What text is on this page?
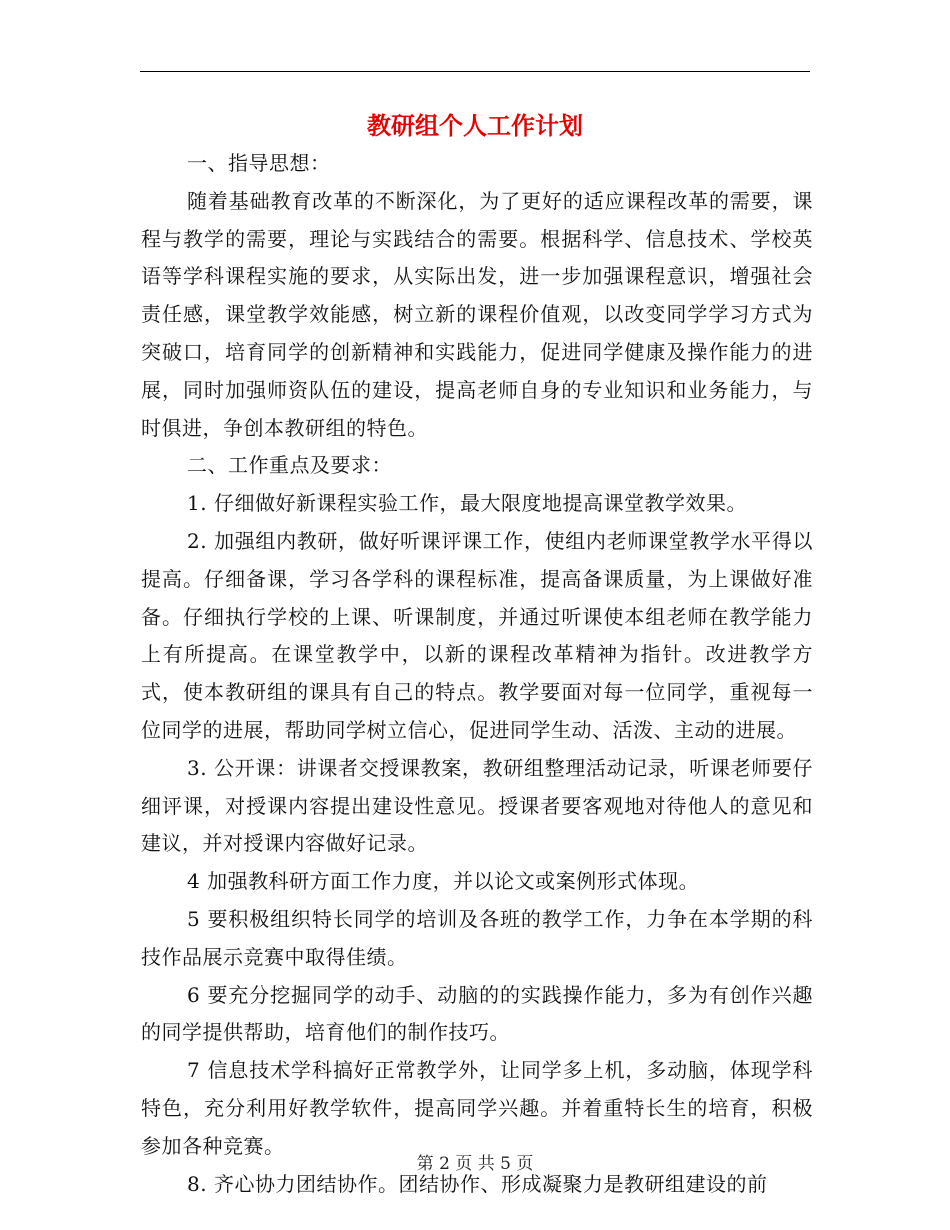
教研组个人工作计划

一、指导思想：

随着基础教育改革的不断深化，为了更好的适应课程改革的需要，课程与教学的需要，理论与实践结合的需要。根据科学、信息技术、学校英语等学科课程实施的要求，从实际出发，进一步加强课程意识，增强社会责任感，课堂教学效能感，树立新的课程价值观，以改变同学学习方式为突破口，培育同学的创新精神和实践能力，促进同学健康及操作能力的进展，同时加强师资队伍的建设，提高老师自身的专业知识和业务能力，与时俱进，争创本教研组的特色。

二、工作重点及要求：

1. 仔细做好新课程实验工作，最大限度地提高课堂教学效果。

2. 加强组内教研，做好听课评课工作，使组内老师课堂教学水平得以提高。仔细备课，学习各学科的课程标准，提高备课质量，为上课做好准备。仔细执行学校的上课、听课制度，并通过听课使本组老师在教学能力上有所提高。在课堂教学中，以新的课程改革精神为指针。改进教学方式，使本教研组的课具有自己的特点。教学要面对每一位同学，重视每一位同学的进展，帮助同学树立信心，促进同学生动、活泼、主动的进展。

3. 公开课：讲课者交授课教案，教研组整理活动记录，听课老师要仔细评课，对授课内容提出建设性意见。授课者要客观地对待他人的意见和建议，并对授课内容做好记录。

4 加强教科研方面工作力度，并以论文或案例形式体现。

5 要积极组织特长同学的培训及各班的教学工作，力争在本学期的科技作品展示竞赛中取得佳绩。

6 要充分挖掘同学的动手、动脑的的实践操作能力，多为有创作兴趣的同学提供帮助，培育他们的制作技巧。

7 信息技术学科搞好正常教学外，让同学多上机，多动脑，体现学科特色，充分利用好教学软件，提高同学兴趣。并着重特长生的培育，积极参加各种竞赛。

8. 齐心协力团结协作。团结协作、形成凝聚力是教研组建设的前

第 2 页 共 5 页
